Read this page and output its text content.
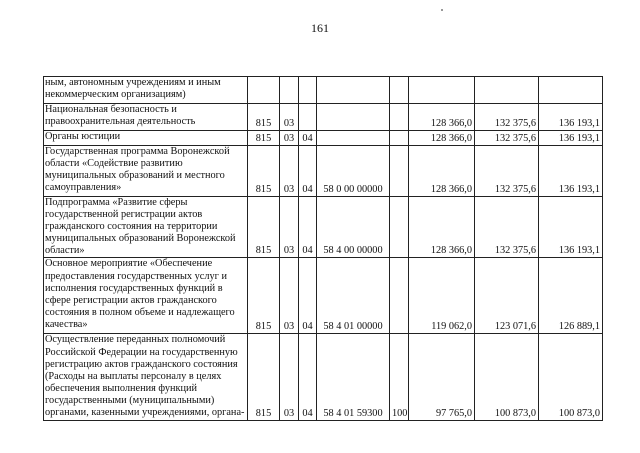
161
ным, автономным учреждениям и иным некоммерческим организациям)								
Национальная безопасность и правоохранительная деятельность	815	03				128 366,0	132 375,6	136 193,1
Органы юстиции	815	03	04			128 366,0	132 375,6	136 193,1
Государственная программа Воронежской области «Содействие развитию муниципальных образований и местного самоуправления»	815	03	04	58 0 00 00000		128 366,0	132 375,6	136 193,1
Подпрограмма «Развитие сферы государственной регистрации актов гражданского состояния на территории муниципальных образований Воронежской области»	815	03	04	58 4 00 00000		128 366,0	132 375,6	136 193,1
Основное мероприятие «Обеспечение предоставления государственных услуг и исполнения государственных функций в сфере регистрации актов гражданского состояния в полном объеме и надлежащего качества»	815	03	04	58 4 01 00000		119 062,0	123 071,6	126 889,1
Осуществление переданных полномочий Российской Федерации на государственную регистрацию актов гражданского состояния (Расходы на выплаты персоналу в целях обеспечения выполнения функций государственными (муниципальными) органами, казенными учреждениями, органа-	815	03	04	58 4 01 59300	100	97 765,0	100 873,0	100 873,0
